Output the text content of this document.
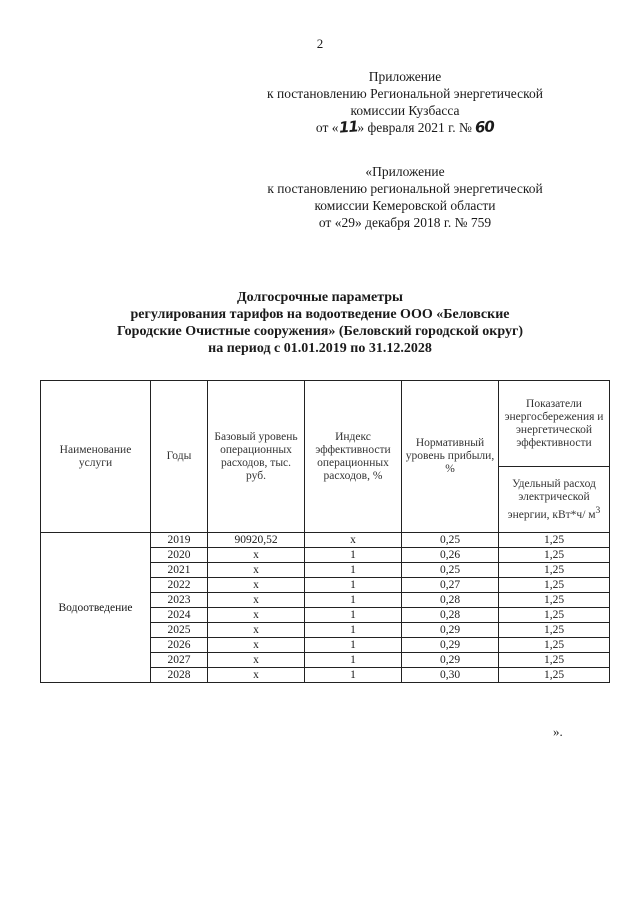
2
Приложение
к постановлению Региональной энергетической
комиссии Кузбасса
от «11» февраля 2021 г. № 60
«Приложение
к постановлению региональной энергетической
комиссии Кемеровской области
от «29» декабря 2018 г. № 759
Долгосрочные параметры
регулирования тарифов на водоотведение ООО «Беловские
Городские Очистные сооружения» (Беловский городской округ)
на период с 01.01.2019 по 31.12.2028
Наименование услуги	Годы	Базовый уровень операционных расходов, тыс. руб.	Индекс эффективности операционных расходов, %	Нормативный уровень прибыли, %	Показатели энергосбережения и энергетической эффективности
					Удельный расход электрической энергии, кВт*ч/ $м^3$
Водоотведение	2019	90920,52	х	0,25	1,25
	2020	х	1	0,26	1,25
	2021	х	1	0,25	1,25
	2022	х	1	0,27	1,25
	2023	х	1	0,28	1,25
	2024	х	1	0,28	1,25
	2025	х	1	0,29	1,25
	2026	х	1	0,29	1,25
	2027	х	1	0,29	1,25
	2028	х	1	0,30	1,25
».
